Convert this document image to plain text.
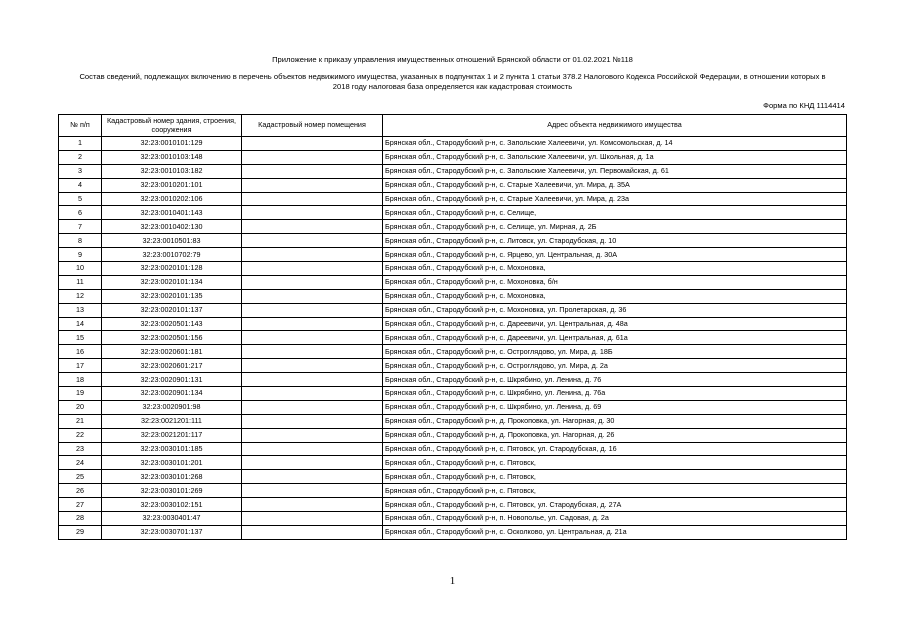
Приложение к приказу управления имущественных отношений Брянской области от 01.02.2021 №118
Состав сведений, подлежащих включению в перечень объектов недвижимого имущества, указанных в подпунктах 1 и 2 пункта 1 статьи 378.2 Налогового Кодекса Российской Федерации, в отношении которых в 2018 году налоговая база определяется как кадастровая стоимость
Форма по КНД 1114414
№ п/п	Кадастровый номер здания, строения, сооружения	Кадастровый номер помещения	Адрес объекта недвижимого имущества
1	32:23:0010101:129		Брянская обл., Стародубский р-н, с. Запольские Халеевичи, ул. Комсомольская, д. 14
2	32:23:0010103:148		Брянская обл., Стародубский р-н, с. Запольские Халеевичи, ул. Школьная, д. 1а
3	32:23:0010103:182		Брянская обл., Стародубский р-н, с. Запольские Халеевичи, ул. Первомайская, д. 61
4	32:23:0010201:101		Брянская обл., Стародубский р-н, с. Старые Халеевичи, ул. Мира, д. 35А
5	32:23:0010202:106		Брянская обл., Стародубский р-н, с. Старые Халеевичи, ул. Мира, д. 23а
6	32:23:0010401:143		Брянская обл., Стародубский р-н, с. Селище,
7	32:23:0010402:130		Брянская обл., Стародубский р-н, с. Селище, ул. Мирная, д. 2Б
8	32:23:0010501:83		Брянская обл., Стародубский р-н, с. Литовск, ул. Стародубская, д. 10
9	32:23:0010702:79		Брянская обл., Стародубский р-н, с. Ярцево, ул. Центральная, д. 30А
10	32:23:0020101:128		Брянская обл., Стародубский р-н, с. Мохоновка,
11	32:23:0020101:134		Брянская обл., Стародубский р-н, с. Мохоновка, б/н
12	32:23:0020101:135		Брянская обл., Стародубский р-н, с. Мохоновка,
13	32:23:0020101:137		Брянская обл., Стародубский р-н, с. Мохоновка, ул. Пролетарская, д. 36
14	32:23:0020501:143		Брянская обл., Стародубский р-н, с. Дареевичи, ул. Центральная, д. 48а
15	32:23:0020501:156		Брянская обл., Стародубский р-н, с. Дареевичи, ул. Центральная, д. 61а
16	32:23:0020601:181		Брянская обл., Стародубский р-н, с. Остроглядово, ул. Мира, д. 18Б
17	32:23:0020601:217		Брянская обл., Стародубский р-н, с. Остроглядово, ул. Мира, д. 2а
18	32:23:0020901:131		Брянская обл., Стародубский р-н, с. Шкрябино, ул. Ленина, д. 76
19	32:23:0020901:134		Брянская обл., Стародубский р-н, с. Шкрябино, ул. Ленина, д. 76а
20	32:23:0020901:98		Брянская обл., Стародубский р-н, с. Шкрябино, ул. Ленина, д. 69
21	32:23:0021201:111		Брянская обл., Стародубский р-н, д. Прокоповка, ул. Нагорная, д. 30
22	32:23:0021201:117		Брянская обл., Стародубский р-н, д. Прокоповка, ул. Нагорная, д. 26
23	32:23:0030101:185		Брянская обл., Стародубский р-н, с. Пятовск, ул. Стародубская, д. 16
24	32:23:0030101:201		Брянская обл., Стародубский р-н, с. Пятовск,
25	32:23:0030101:268		Брянская обл., Стародубский р-н, с. Пятовск,
26	32:23:0030101:269		Брянская обл., Стародубский р-н, с. Пятовск,
27	32:23:0030102:151		Брянская обл., Стародубский р-н, с. Пятовск, ул. Стародубская, д. 27А
28	32:23:0030401:47		Брянская обл., Стародубский р-н, п. Новополье, ул. Садовая, д. 2а
29	32:23:0030701:137		Брянская обл., Стародубский р-н, с. Осколково, ул. Центральная, д. 21а
1
